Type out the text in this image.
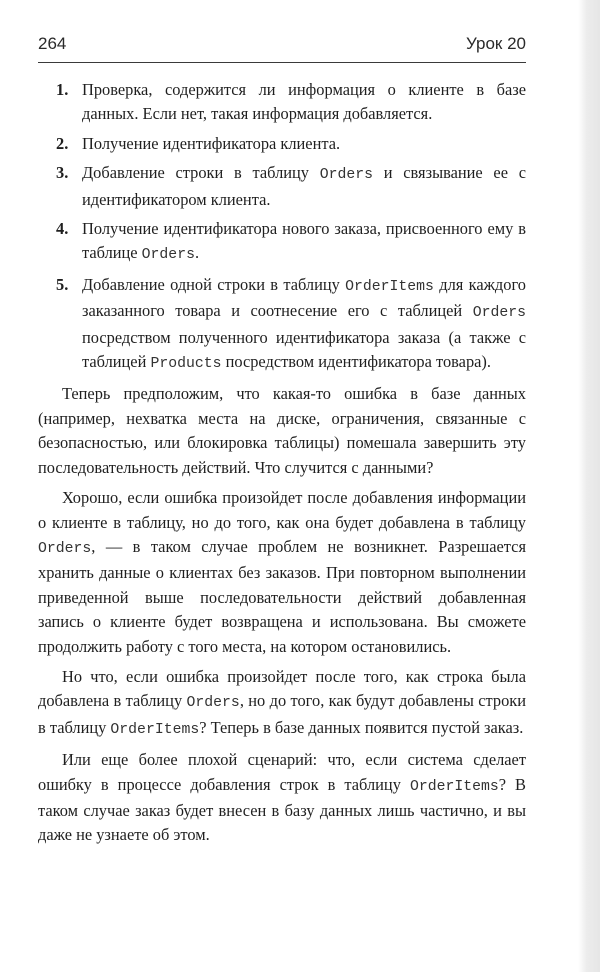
264	Урок 20
1. Проверка, содержится ли информация о клиенте в базе данных. Если нет, такая информация добавляется.
2. Получение идентификатора клиента.
3. Добавление строки в таблицу Orders и связывание ее с идентификатором клиента.
4. Получение идентификатора нового заказа, присвоенного ему в таблице Orders.
5. Добавление одной строки в таблицу OrderItems для каждого заказанного товара и соотнесение его с таблицей Orders посредством полученного идентификатора заказа (а также с таблицей Products посредством идентификатора товара).

Теперь предположим, что какая-то ошибка в базе данных (например, нехватка места на диске, ограничения, связанные с безопасностью, или блокировка таблицы) помешала завершить эту последовательность действий. Что случится с данными?

Хорошо, если ошибка произойдет после добавления информации о клиенте в таблицу, но до того, как она будет добавлена в таблицу Orders, — в таком случае проблем не возникнет. Разрешается хранить данные о клиентах без заказов. При повторном выполнении приведенной выше последовательности действий добавленная запись о клиенте будет возвращена и использована. Вы сможете продолжить работу с того места, на котором остановились.

Но что, если ошибка произойдет после того, как строка была добавлена в таблицу Orders, но до того, как будут добавлены строки в таблицу OrderItems? Теперь в базе данных появится пустой заказ.

Или еще более плохой сценарий: что, если система сделает ошибку в процессе добавления строк в таблицу OrderItems? В таком случае заказ будет внесен в базу данных лишь частично, и вы даже не узнаете об этом.
